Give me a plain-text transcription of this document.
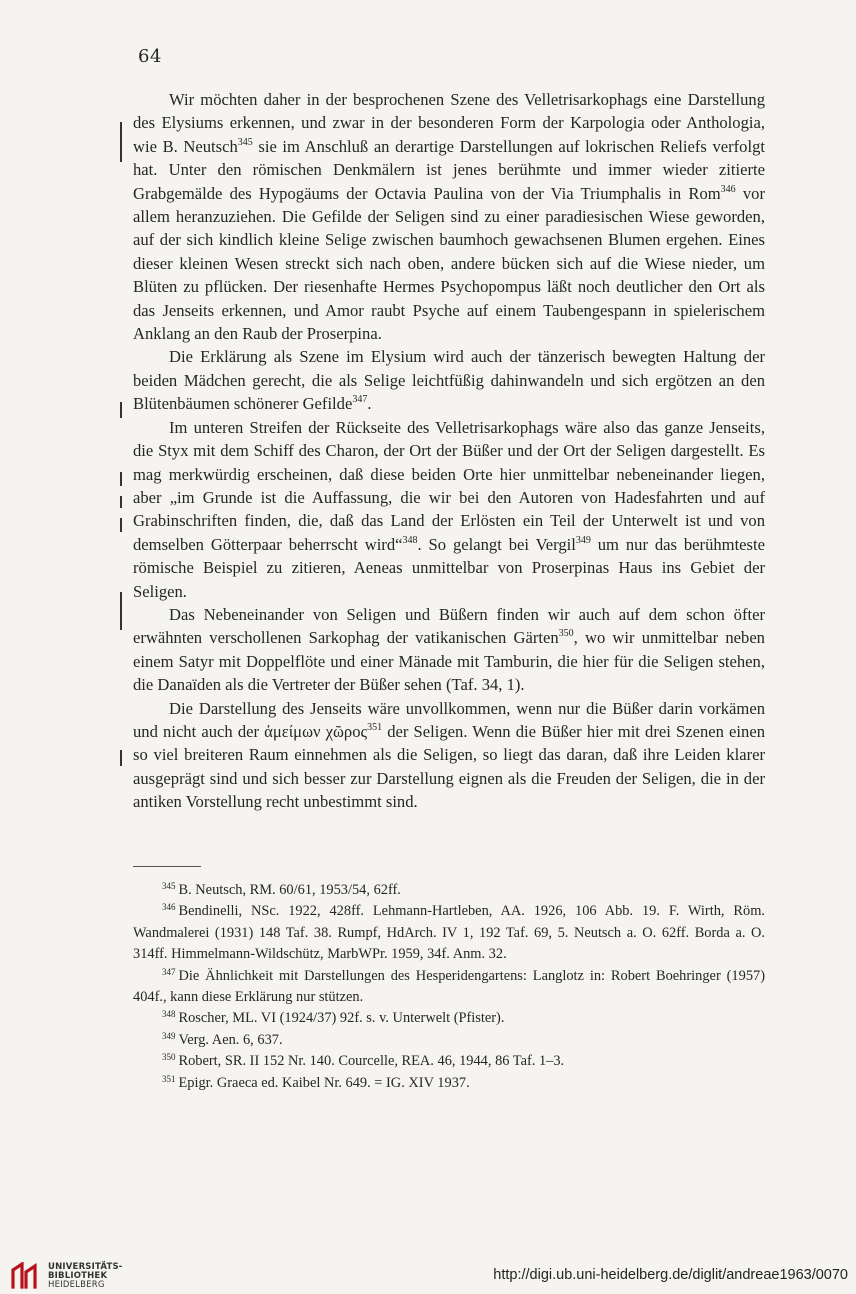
64

Wir möchten daher in der besprochenen Szene des Velletrisarkophags eine Darstellung des Elysiums erkennen, und zwar in der besonderen Form der Karpologia oder Anthologia, wie B. Neutsch$^{345}$ sie im Anschluß an derartige Darstellungen auf lokrischen Reliefs verfolgt hat. Unter den römischen Denkmälern ist jenes berühmte und immer wieder zitierte Grabgemälde des Hypogäums der Octavia Paulina von der Via Triumphalis in Rom$^{346}$ vor allem heranzuziehen. Die Gefilde der Seligen sind zu einer paradiesischen Wiese geworden, auf der sich kindlich kleine Selige zwischen baumhoch gewachsenen Blumen ergehen. Eines dieser kleinen Wesen streckt sich nach oben, andere bücken sich auf die Wiese nieder, um Blüten zu pflücken. Der riesenhafte Hermes Psychopompus läßt noch deutlicher den Ort als das Jenseits erkennen, und Amor raubt Psyche auf einem Taubengespann in spielerischem Anklang an den Raub der Proserpina.

Die Erklärung als Szene im Elysium wird auch der tänzerisch bewegten Haltung der beiden Mädchen gerecht, die als Selige leichtfüßig dahinwandeln und sich ergötzen an den Blütenbäumen schönerer Gefilde$^{347}$.

Im unteren Streifen der Rückseite des Velletrisarkophags wäre also das ganze Jenseits, die Styx mit dem Schiff des Charon, der Ort der Büßer und der Ort der Seligen dargestellt. Es mag merkwürdig erscheinen, daß diese beiden Orte hier unmittelbar nebeneinander liegen, aber „im Grunde ist die Auffassung, die wir bei den Autoren von Hadesfahrten und auf Grabinschriften finden, die, daß das Land der Erlösten ein Teil der Unterwelt ist und von demselben Götterpaar beherrscht wird“$^{348}$. So gelangt bei Vergil$^{349}$ um nur das berühmteste römische Beispiel zu zitieren, Aeneas unmittelbar von Proserpinas Haus ins Gebiet der Seligen.

Das Nebeneinander von Seligen und Büßern finden wir auch auf dem schon öfter erwähnten verschollenen Sarkophag der vatikanischen Gärten$^{350}$, wo wir unmittelbar neben einem Satyr mit Doppelflöte und einer Mänade mit Tamburin, die hier für die Seligen stehen, die Danaïden als die Vertreter der Büßer sehen (Taf. 34, 1).

Die Darstellung des Jenseits wäre unvollkommen, wenn nur die Büßer darin vorkämen und nicht auch der ἀμείμων χῶρος$^{351}$ der Seligen. Wenn die Büßer hier mit drei Szenen einen so viel breiteren Raum einnehmen als die Seligen, so liegt das daran, daß ihre Leiden klarer ausgeprägt sind und sich besser zur Darstellung eignen als die Freuden der Seligen, die in der antiken Vorstellung recht unbestimmt sind.

$^{345}$ B. Neutsch, RM. 60/61, 1953/54, 62ff.

$^{346}$ Bendinelli, NSc. 1922, 428ff. Lehmann-Hartleben, AA. 1926, 106 Abb. 19. F. Wirth, Röm. Wandmalerei (1931) 148 Taf. 38. Rumpf, HdArch. IV 1, 192 Taf. 69, 5. Neutsch a. O. 62ff. Borda a. O. 314ff. Himmelmann-Wildschütz, MarbWPr. 1959, 34f. Anm. 32.

$^{347}$ Die Ähnlichkeit mit Darstellungen des Hesperidengartens: Langlotz in: Robert Boehringer (1957) 404f., kann diese Erklärung nur stützen.

$^{348}$ Roscher, ML. VI (1924/37) 92f. s. v. Unterwelt (Pfister).

$^{349}$ Verg. Aen. 6, 637.

$^{350}$ Robert, SR. II 152 Nr. 140. Courcelle, REA. 46, 1944, 86 Taf. 1–3.

$^{351}$ Epigr. Graeca ed. Kaibel Nr. 649. = IG. XIV 1937.

UNIVERSITÄTS-
BIBLIOTHEK
HEIDELBERG
http://digi.ub.uni-heidelberg.de/diglit/andreae1963/0070
